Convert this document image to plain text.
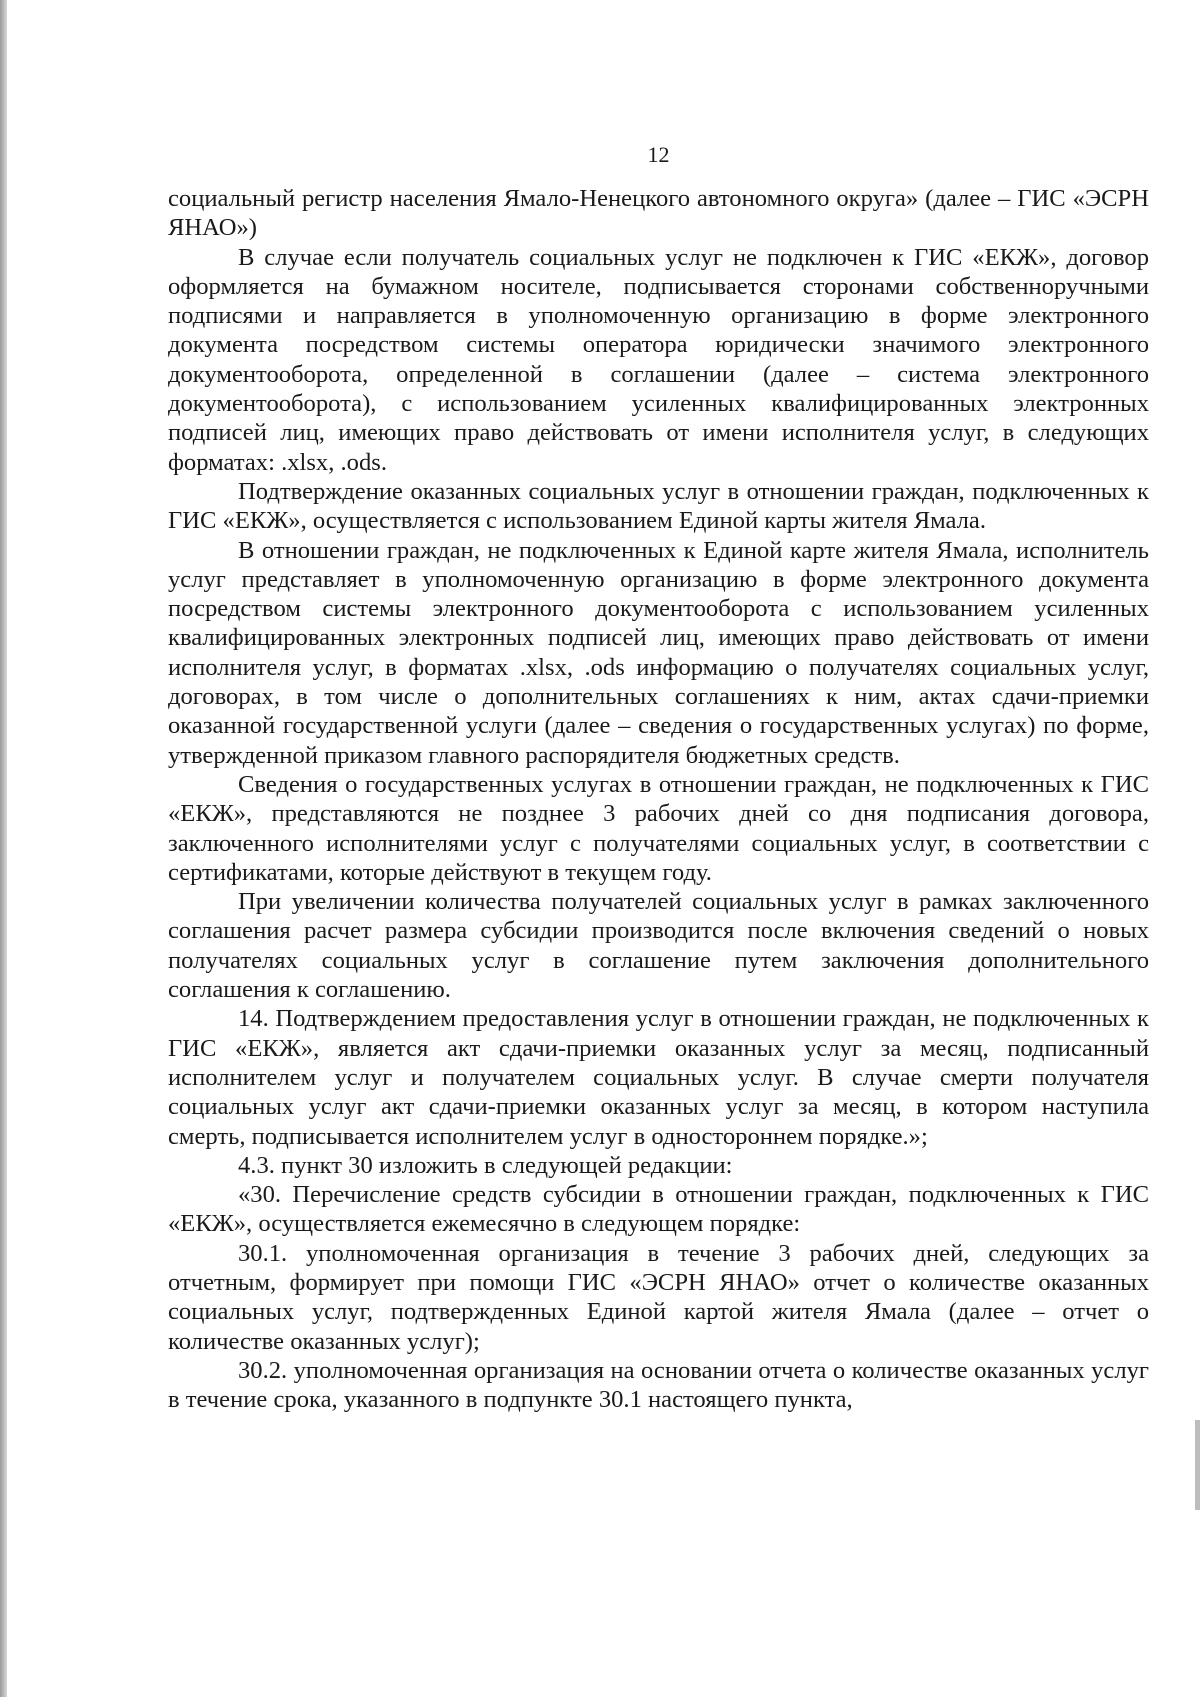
12

социальный регистр населения Ямало-Ненецкого автономного округа» (далее – ГИС «ЭСРН ЯНАО»)

В случае если получатель социальных услуг не подключен к ГИС «ЕКЖ», договор оформляется на бумажном носителе, подписывается сторонами собственноручными подписями и направляется в уполномоченную организацию в форме электронного документа посредством системы оператора юридически значимого электронного документооборота, определенной в соглашении (далее – система электронного документооборота), с использованием усиленных квалифицированных электронных подписей лиц, имеющих право действовать от имени исполнителя услуг, в следующих форматах: .xlsx, .ods.

Подтверждение оказанных социальных услуг в отношении граждан, подключенных к ГИС «ЕКЖ», осуществляется с использованием Единой карты жителя Ямала.

В отношении граждан, не подключенных к Единой карте жителя Ямала, исполнитель услуг представляет в уполномоченную организацию в форме электронного документа посредством системы электронного документооборота с использованием усиленных квалифицированных электронных подписей лиц, имеющих право действовать от имени исполнителя услуг, в форматах .xlsx, .ods информацию о получателях социальных услуг, договорах, в том числе о дополнительных соглашениях к ним, актах сдачи-приемки оказанной государственной услуги (далее – сведения о государственных услугах) по форме, утвержденной приказом главного распорядителя бюджетных средств.

Сведения о государственных услугах в отношении граждан, не подключенных к ГИС «ЕКЖ», представляются не позднее 3 рабочих дней со дня подписания договора, заключенного исполнителями услуг с получателями социальных услуг, в соответствии с сертификатами, которые действуют в текущем году.

При увеличении количества получателей социальных услуг в рамках заключенного соглашения расчет размера субсидии производится после включения сведений о новых получателях социальных услуг в соглашение путем заключения дополнительного соглашения к соглашению.

14. Подтверждением предоставления услуг в отношении граждан, не подключенных к ГИС «ЕКЖ», является акт сдачи-приемки оказанных услуг за месяц, подписанный исполнителем услуг и получателем социальных услуг. В случае смерти получателя социальных услуг акт сдачи-приемки оказанных услуг за месяц, в котором наступила смерть, подписывается исполнителем услуг в одностороннем порядке.»;

4.3. пункт 30 изложить в следующей редакции:

«30. Перечисление средств субсидии в отношении граждан, подключенных к ГИС «ЕКЖ», осуществляется ежемесячно в следующем порядке:

30.1. уполномоченная организация в течение 3 рабочих дней, следующих за отчетным, формирует при помощи ГИС «ЭСРН ЯНАО» отчет о количестве оказанных социальных услуг, подтвержденных Единой картой жителя Ямала (далее – отчет о количестве оказанных услуг);

30.2. уполномоченная организация на основании отчета о количестве оказанных услуг в течение срока, указанного в подпункте 30.1 настоящего пункта,
